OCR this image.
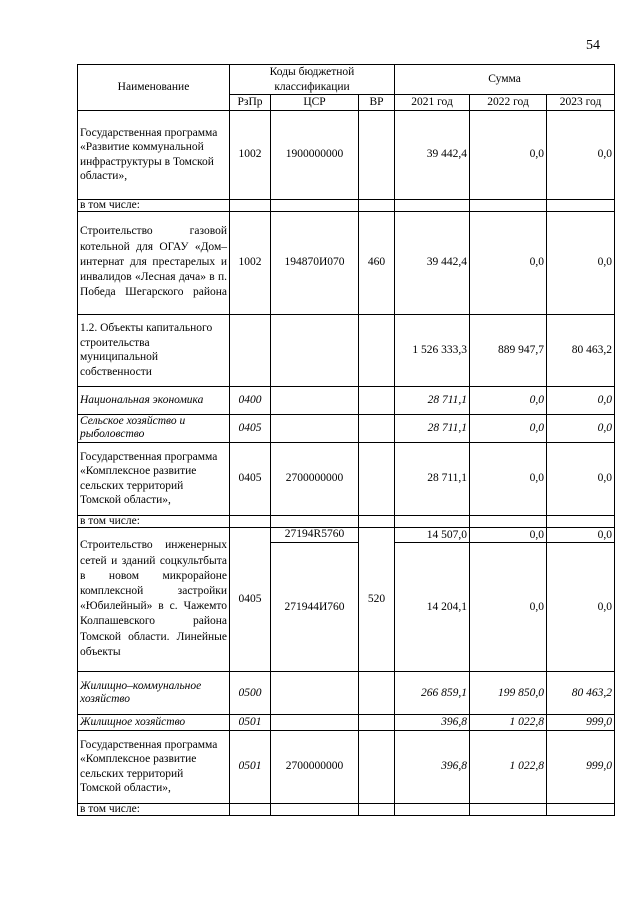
54
Наименование	Коды бюджетной классификации			Сумма		
	РзПр	ЦСР	ВР	2021 год	2022 год	2023 год
Государственная программа «Развитие коммунальной инфраструктуры в Томской области»,	1002	1900000000		39 442,4	0,0	0,0
в том числе:						
Строительство газовой котельной для ОГАУ «Дом–интернат для престарелых и инвалидов «Лесная дача» в п. Победа Шегарского района	1002	194870И070	460	39 442,4	0,0	0,0
1.2. Объекты капитального строительства муниципальной собственности				1 526 333,3	889 947,7	80 463,2
Национальная экономика	0400			28 711,1	0,0	0,0
Сельское хозяйство и рыболовство	0405			28 711,1	0,0	0,0
Государственная программа «Комплексное развитие сельских территорий Томской области»,	0405	2700000000		28 711,1	0,0	0,0
в том числе:						
Строительство инженерных сетей и зданий соцкультбыта в новом микрорайоне комплексной застройки «Юбилейный» в с. Чажемто Колпашевского района Томской области. Линейные объекты	0405	27194R5760	520	14 507,0	0,0	0,0
		271944И760		14 204,1	0,0	0,0
Жилищно–коммунальное хозяйство	0500			266 859,1	199 850,0	80 463,2
Жилищное хозяйство	0501			396,8	1 022,8	999,0
Государственная программа «Комплексное развитие сельских территорий Томской области»,	0501	2700000000		396,8	1 022,8	999,0
в том числе:						
